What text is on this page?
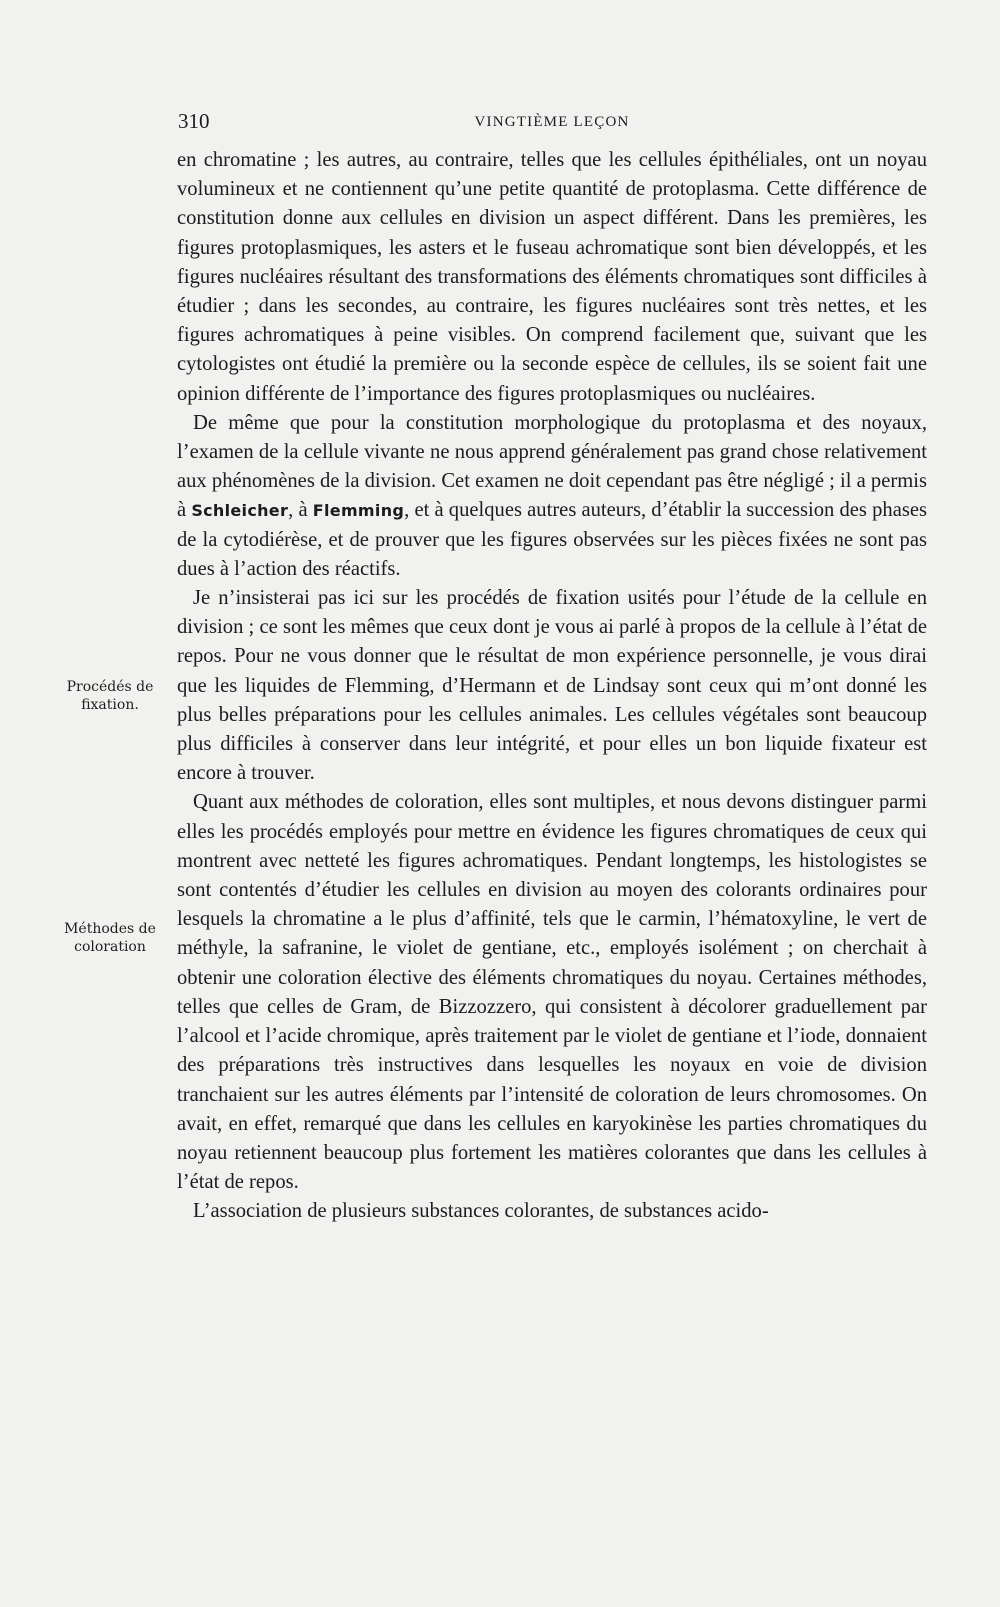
310	VINGTIÈME LEÇON
Procédés de fixation.
Méthodes de coloration

en chromatine ; les autres, au contraire, telles que les cellules épithéliales, ont un noyau volumineux et ne contiennent qu’une petite quantité de protoplasma. Cette différence de constitution donne aux cellules en division un aspect différent. Dans les premières, les figures protoplasmiques, les asters et le fuseau achromatique sont bien développés, et les figures nucléaires résultant des transformations des éléments chromatiques sont difficiles à étudier ; dans les secondes, au contraire, les figures nucléaires sont très nettes, et les figures achromatiques à peine visibles. On comprend facilement que, suivant que les cytologistes ont étudié la première ou la seconde espèce de cellules, ils se soient fait une opinion différente de l’importance des figures protoplasmiques ou nucléaires.

De même que pour la constitution morphologique du protoplasma et des noyaux, l’examen de la cellule vivante ne nous apprend généralement pas grand chose relativement aux phénomènes de la division. Cet examen ne doit cependant pas être négligé ; il a permis à Schleicher, à Flemming, et à quelques autres auteurs, d’établir la succession des phases de la cytodiérèse, et de prouver que les figures observées sur les pièces fixées ne sont pas dues à l’action des réactifs.

Je n’insisterai pas ici sur les procédés de fixation usités pour l’étude de la cellule en division ; ce sont les mêmes que ceux dont je vous ai parlé à propos de la cellule à l’état de repos. Pour ne vous donner que le résultat de mon expérience personnelle, je vous dirai que les liquides de Flemming, d’Hermann et de Lindsay sont ceux qui m’ont donné les plus belles préparations pour les cellules animales. Les cellules végétales sont beaucoup plus difficiles à conserver dans leur intégrité, et pour elles un bon liquide fixateur est encore à trouver.

Quant aux méthodes de coloration, elles sont multiples, et nous devons distinguer parmi elles les procédés employés pour mettre en évidence les figures chromatiques de ceux qui montrent avec netteté les figures achromatiques. Pendant longtemps, les histologistes se sont contentés d’étudier les cellules en division au moyen des colorants ordinaires pour lesquels la chromatine a le plus d’affinité, tels que le carmin, l’hématoxyline, le vert de méthyle, la safranine, le violet de gentiane, etc., employés isolément ; on cherchait à obtenir une coloration élective des éléments chromatiques du noyau. Certaines méthodes, telles que celles de Gram, de Bizzozzero, qui consistent à décolorer graduellement par l’alcool et l’acide chromique, après traitement par le violet de gentiane et l’iode, donnaient des préparations très instructives dans lesquelles les noyaux en voie de division tranchaient sur les autres éléments par l’intensité de coloration de leurs chromosomes. On avait, en effet, remarqué que dans les cellules en karyokinèse les parties chromatiques du noyau retiennent beaucoup plus fortement les matières colorantes que dans les cellules à l’état de repos.

L’association de plusieurs substances colorantes, de substances acido-
